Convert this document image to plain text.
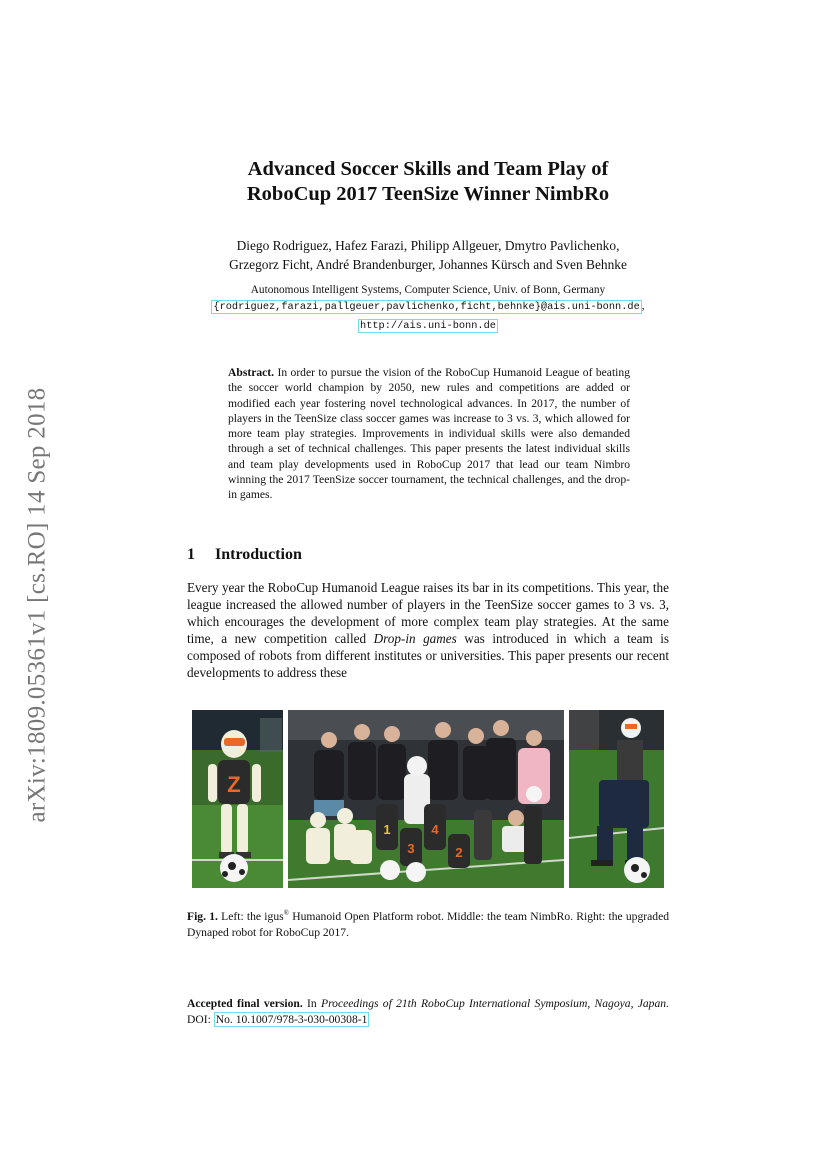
arXiv:1809.05361v1 [cs.RO] 14 Sep 2018
Advanced Soccer Skills and Team Play of
RoboCup 2017 TeenSize Winner NimbRo
Diego Rodriguez, Hafez Farazi, Philipp Allgeuer, Dmytro Pavlichenko,
Grzegorz Ficht, André Brandenburger, Johannes Kürsch and Sven Behnke
Autonomous Intelligent Systems, Computer Science, Univ. of Bonn, Germany
{rodriguez,farazi,pallgeuer,pavlichenko,ficht,behnke}@ais.uni-bonn.de ,
http://ais.uni-bonn.de
Abstract. In order to pursue the vision of the RoboCup Humanoid League of beating the soccer world champion by 2050, new rules and competitions are added or modified each year fostering novel technological advances. In 2017, the number of players in the TeenSize class soccer games was increase to 3 vs. 3, which allowed for more team play strategies. Improvements in individual skills were also demanded through a set of technical challenges. This paper presents the latest individual skills and team play developments used in RoboCup 2017 that lead our team Nimbro winning the 2017 TeenSize soccer tournament, the technical challenges, and the drop-in games.
1 Introduction

Every year the RoboCup Humanoid League raises its bar in its competitions. This year, the league increased the allowed number of players in the TeenSize soccer games to 3 vs. 3, which encourages the development of more complex team play strategies. At the same time, a new competition called Drop-in games was introduced in which a team is composed of robots from different institutes or universities. This paper presents our recent developments to address these

Z
1
3
4
2
Fig. 1. Left: the igus® Humanoid Open Platform robot. Middle: the team NimbRo. Right: the upgraded Dynaped robot for RoboCup 2017.
Accepted final version. In Proceedings of 21th RoboCup International Symposium, Nagoya, Japan. DOI: No. 10.1007/978-3-030-00308-1
